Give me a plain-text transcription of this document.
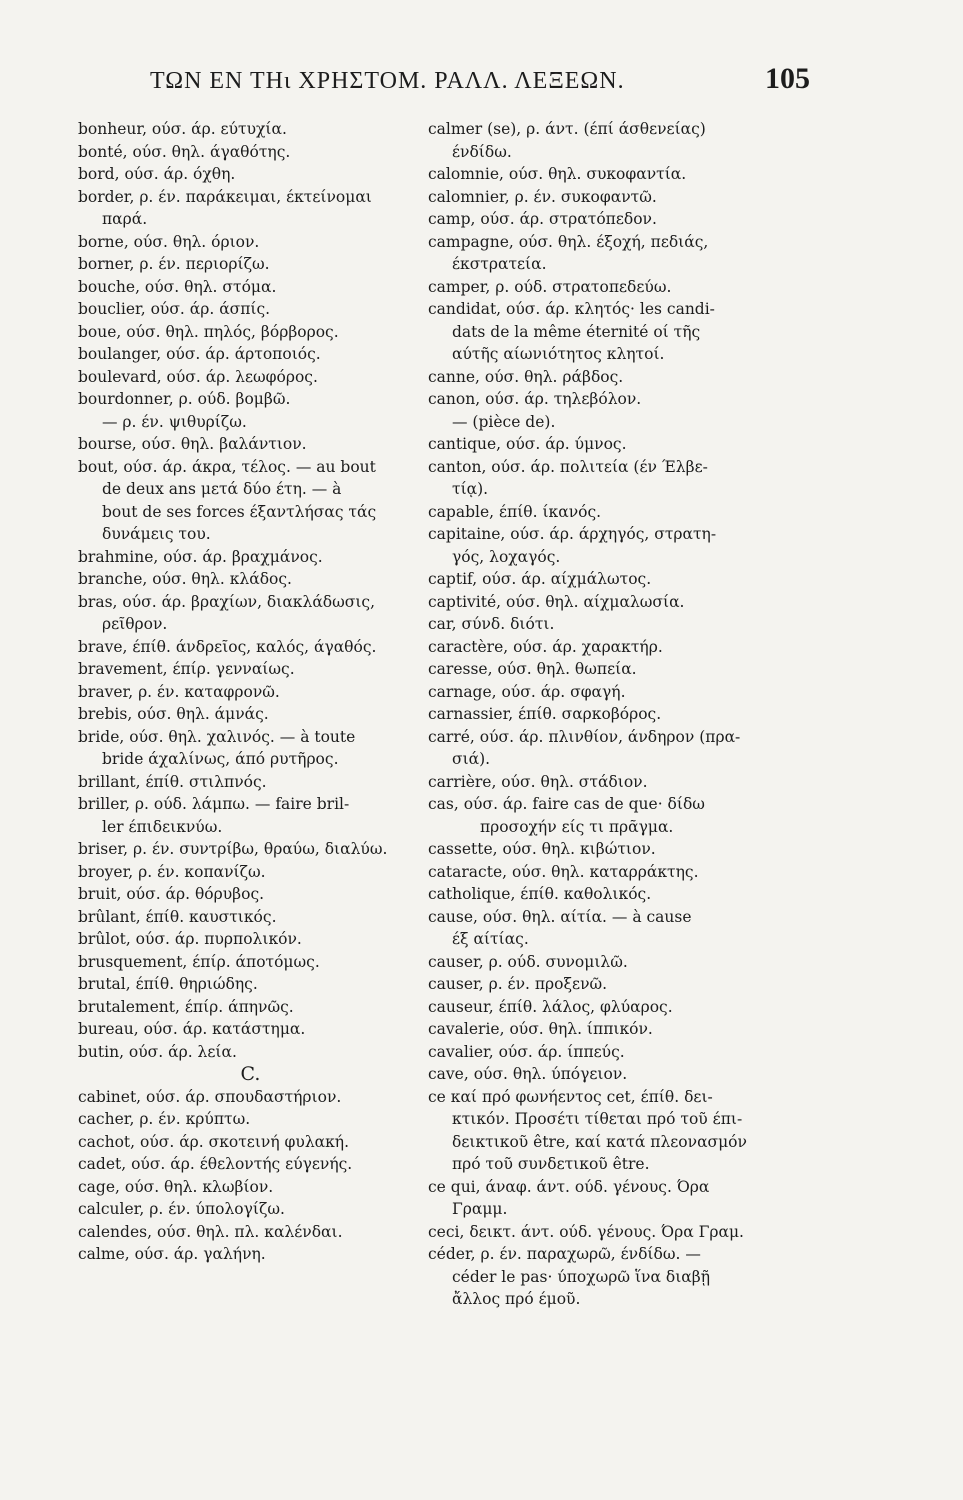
ΤΩΝ ΕΝ ΤΗι ΧΡΗΣΤΟΜ. ΡΑΛΛ. ΛΕΞΕΩΝ.	105
bonheur, ούσ. άρ. εύτυχία.
bonté, ούσ. θηλ. άγαθότης.
bord, ούσ. άρ. όχθη.
border, ρ. έν. παράκειμαι, έκτείνομαι
παρά.
borne, ούσ. θηλ. όριον.
borner, ρ. έν. περιορίζω.
bouche, ούσ. θηλ. στόμα.
bouclier, ούσ. άρ. άσπίς.
boue, ούσ. θηλ. πηλός, βόρβορος.
boulanger, ούσ. άρ. άρτοποιός.
boulevard, ούσ. άρ. λεωφόρος.
bourdonner, ρ. ούδ. βομβῶ.
— ρ. έν. ψιθυρίζω.
bourse, ούσ. θηλ. βαλάντιον.
bout, ούσ. άρ. άκρα, τέλος. — au bout
de deux ans μετά δύο έτη. — à
bout de ses forces έξαντλήσας τάς
δυνάμεις του.
brahmine, ούσ. άρ. βραχμάνος.
branche, ούσ. θηλ. κλάδος.
bras, ούσ. άρ. βραχίων, διακλάδωσις,
ρεῖθρον.
brave, έπίθ. άνδρεῖος, καλός, άγαθός.
bravement, έπίρ. γενναίως.
braver, ρ. έν. καταφρονῶ.
brebis, ούσ. θηλ. άμνάς.
bride, ούσ. θηλ. χαλινός. — à toute
bride άχαλίνως, άπό ρυτῆρος.
brillant, έπίθ. στιλπνός.
briller, ρ. ούδ. λάμπω. — faire bril-
ler έπιδεικνύω.
briser, ρ. έν. συντρίβω, θραύω, διαλύω.
broyer, ρ. έν. κοπανίζω.
bruit, ούσ. άρ. θόρυβος.
brûlant, έπίθ. καυστικός.
brûlot, ούσ. άρ. πυρπολικόν.
brusquement, έπίρ. άποτόμως.
brutal, έπίθ. θηριώδης.
brutalement, έπίρ. άπηνῶς.
bureau, ούσ. άρ. κατάστημα.
butin, ούσ. άρ. λεία.
C.
cabinet, ούσ. άρ. σπουδαστήριον.
cacher, ρ. έν. κρύπτω.
cachot, ούσ. άρ. σκοτεινή φυλακή.
cadet, ούσ. άρ. έθελοντής εύγενής.
cage, ούσ. θηλ. κλωβίον.
calculer, ρ. έν. ύπολογίζω.
calendes, ούσ. θηλ. πλ. καλένδαι.
calme, ούσ. άρ. γαλήνη.
calmer (se), ρ. άντ. (έπί άσθενείας)
ένδίδω.
calomnie, ούσ. θηλ. συκοφαντία.
calomnier, ρ. έν. συκοφαντῶ.
camp, ούσ. άρ. στρατόπεδον.
campagne, ούσ. θηλ. έξοχή, πεδιάς,
έκστρατεία.
camper, ρ. ούδ. στρατοπεδεύω.
candidat, ούσ. άρ. κλητός· les candi-
dats de la même éternité οί τῆς
αύτῆς αίωνιότητος κλητοί.
canne, ούσ. θηλ. ράβδος.
canon, ούσ. άρ. τηλεβόλον.
— (pièce de).
cantique, ούσ. άρ. ύμνος.
canton, ούσ. άρ. πολιτεία (έν Έλβε-
τίᾳ).
capable, έπίθ. ίκανός.
capitaine, ούσ. άρ. άρχηγός, στρατη-
γός, λοχαγός.
captif, ούσ. άρ. αίχμάλωτος.
captivité, ούσ. θηλ. αίχμαλωσία.
car, σύνδ. διότι.
caractère, ούσ. άρ. χαρακτήρ.
caresse, ούσ. θηλ. θωπεία.
carnage, ούσ. άρ. σφαγή.
carnassier, έπίθ. σαρκοβόρος.
carré, ούσ. άρ. πλινθίον, άνδηρον (πρα-
σιά).
carrière, ούσ. θηλ. στάδιον.
cas, ούσ. άρ. faire cas de que· δίδω
προσοχήν είς τι πρᾶγμα.
cassette, ούσ. θηλ. κιβώτιον.
cataracte, ούσ. θηλ. καταρράκτης.
catholique, έπίθ. καθολικός.
cause, ούσ. θηλ. αίτία. — à cause
έξ αίτίας.
causer, ρ. ούδ. συνομιλῶ.
causer, ρ. έν. προξενῶ.
causeur, έπίθ. λάλος, φλύαρος.
cavalerie, ούσ. θηλ. ίππικόν.
cavalier, ούσ. άρ. ίππεύς.
cave, ούσ. θηλ. ύπόγειον.
ce καί πρό φωνήεντος cet, έπίθ. δει-
κτικόν. Προσέτι τίθεται πρό τοῦ έπι-
δεικτικοῦ être, καί κατά πλεονασμόν
πρό τοῦ συνδετικοῦ être.
ce qui, άναφ. άντ. ούδ. γένους. Όρα
Γραμμ.
ceci, δεικτ. άντ. ούδ. γένους. Όρα Γραμ.
céder, ρ. έν. παραχωρῶ, ένδίδω. —
céder le pas· ύποχωρῶ ἵνα διαβῇ
ἄλλος πρό έμοῦ.
